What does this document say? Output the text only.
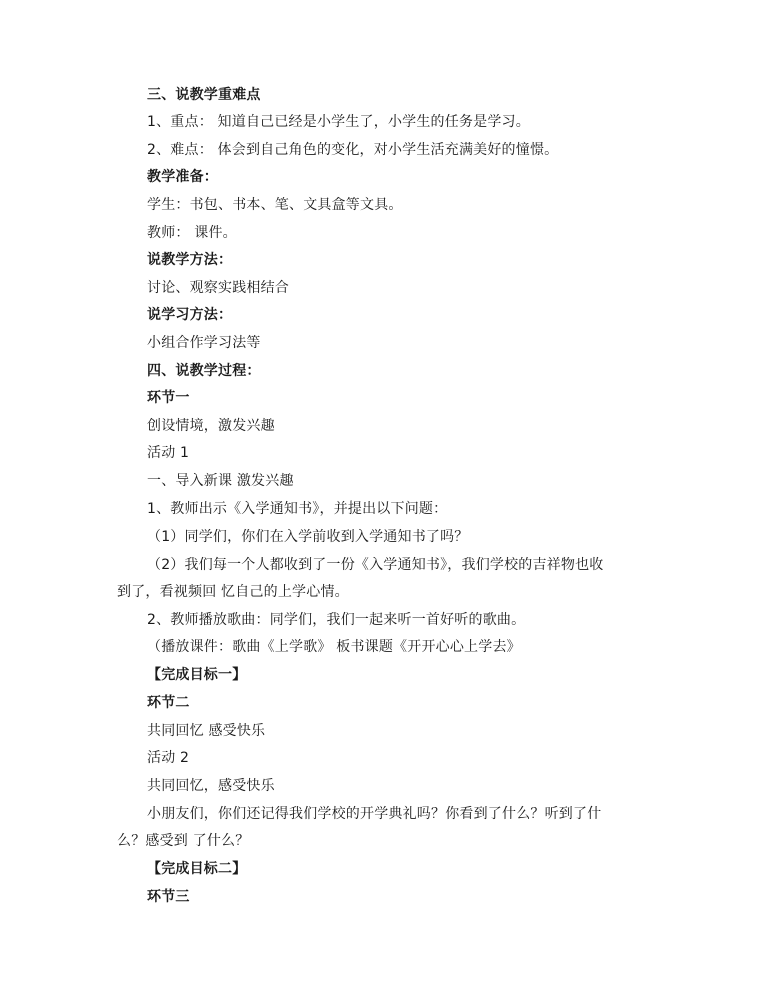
三、说教学重难点
1、重点： 知道自己已经是小学生了，小学生的任务是学习。
2、难点： 体会到自己角色的变化，对小学生活充满美好的憧憬。
教学准备：
学生：书包、书本、笔、文具盒等文具。
教师： 课件。
说教学方法：
讨论、观察实践相结合
说学习方法：
小组合作学习法等
四、说教学过程：
环节一
创设情境，激发兴趣
活动 1
一、导入新课 激发兴趣
1、教师出示《入学通知书》，并提出以下问题：
（1）同学们，你们在入学前收到入学通知书了吗？
（2）我们每一个人都收到了一份《入学通知书》，我们学校的吉祥物也收
到了，看视频回 忆自己的上学心情。
2、教师播放歌曲：同学们，我们一起来听一首好听的歌曲。
（播放课件：歌曲《上学歌》 板书课题《开开心心上学去》
【完成目标一】
环节二
共同回忆 感受快乐
活动 2
共同回忆，感受快乐
小朋友们，你们还记得我们学校的开学典礼吗？你看到了什么？听到了什
么？感受到 了什么？
【完成目标二】
环节三
